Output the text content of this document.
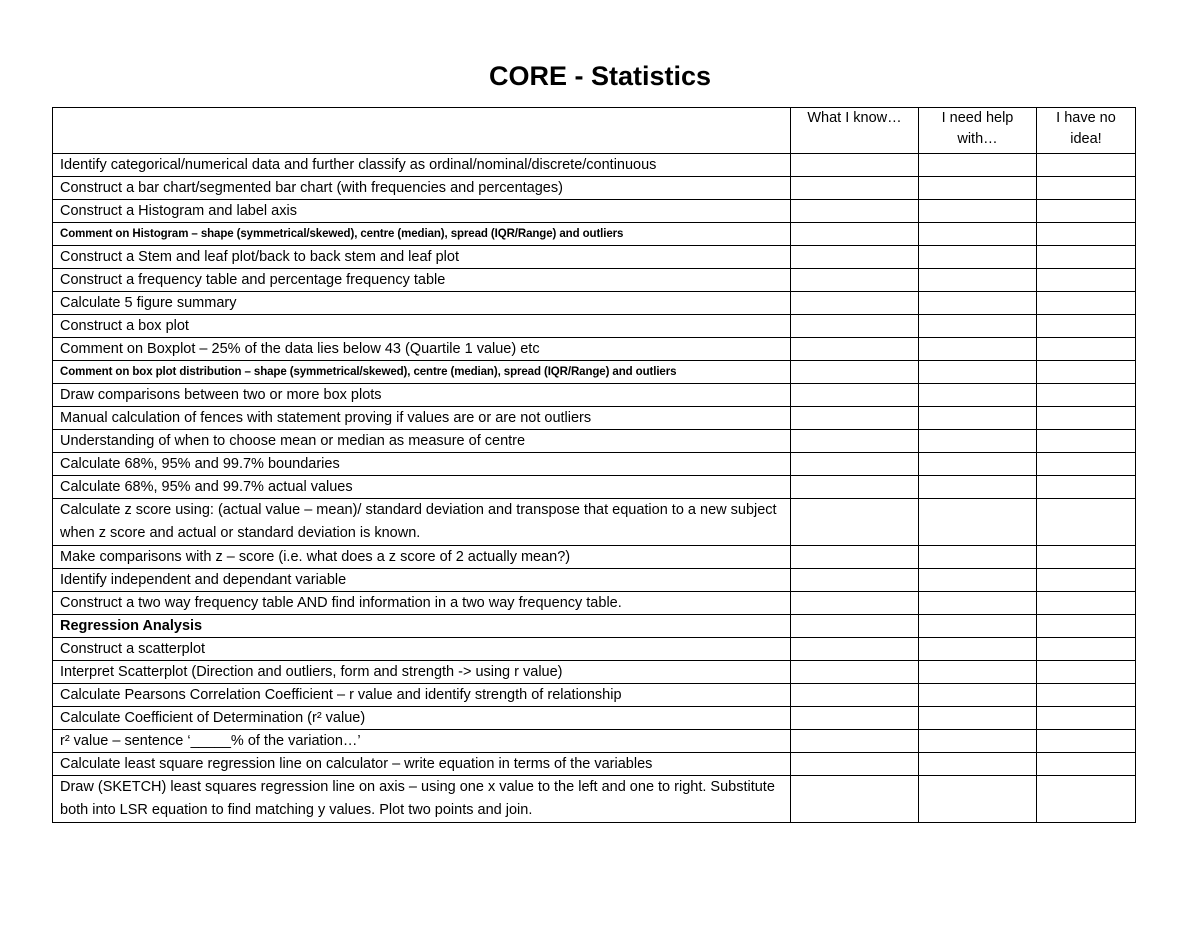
CORE - Statistics
	What I know…	I need help with…	I have no idea!
Identify categorical/numerical data and further classify as ordinal/nominal/discrete/continuous			
Construct a bar chart/segmented bar chart (with frequencies and percentages)			
Construct a Histogram and label axis			
Comment on Histogram – shape (symmetrical/skewed), centre (median), spread (IQR/Range) and outliers			
Construct a Stem and leaf plot/back to back stem and leaf plot			
Construct a frequency table and percentage frequency table			
Calculate 5 figure summary			
Construct a box plot			
Comment on Boxplot – 25% of the data lies below 43 (Quartile 1 value) etc			
Comment on box plot distribution – shape (symmetrical/skewed), centre (median), spread (IQR/Range) and outliers			
Draw comparisons between two or more box plots			
Manual calculation of fences with statement proving if values are or are not outliers			
Understanding of when to choose mean or median as measure of centre			
Calculate 68%, 95% and 99.7% boundaries			
Calculate 68%, 95% and 99.7% actual values			
Calculate z score using: (actual value – mean)/ standard deviation and transpose that equation to a new subject when z score and actual or standard deviation is known.			
Make comparisons with z – score (i.e. what does a z score of 2 actually mean?)			
Identify independent and dependant variable			
Construct a two way frequency table AND find information in a two way frequency table.			
Regression Analysis			
Construct a scatterplot			
Interpret Scatterplot (Direction and outliers, form and strength -> using r value)			
Calculate Pearsons Correlation Coefficient – r value and identify strength of relationship			
Calculate Coefficient of Determination (r² value)			
r² value – sentence ‘_____% of the variation…’			
Calculate least square regression line on calculator – write equation in terms of the variables			
Draw (SKETCH) least squares regression line on axis – using one x value to the left and one to right. Substitute both into LSR equation to find matching y values. Plot two points and join.			
